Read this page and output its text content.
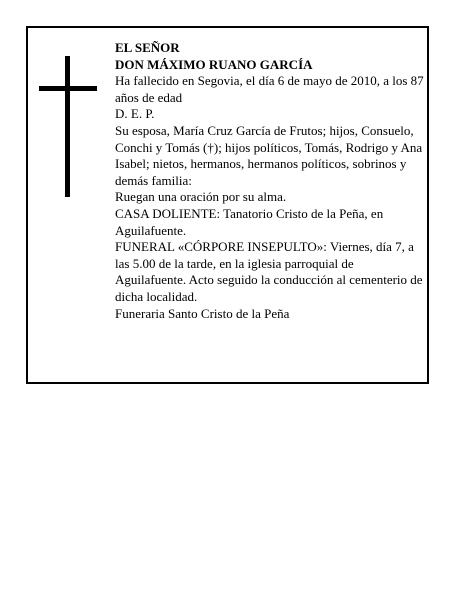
EL SEÑOR

DON MÁXIMO RUANO GARCÍA

Ha fallecido en Segovia, el día 6 de mayo de 2010, a los 87 años de edad

D. E. P.

Su esposa, María Cruz García de Frutos; hijos, Consuelo, Conchi y Tomás (†); hijos políticos, Tomás, Rodrigo y Ana Isabel; nietos, hermanos, hermanos políticos, sobrinos y demás familia:

Ruegan una oración por su alma.

CASA DOLIENTE: Tanatorio Cristo de la Peña, en Aguilafuente.

FUNERAL «CÓRPORE INSEPULTO»: Viernes, día 7, a las 5.00 de la tarde, en la iglesia parroquial de Aguilafuente. Acto seguido la conducción al cementerio de dicha localidad.

Funeraria Santo Cristo de la Peña
